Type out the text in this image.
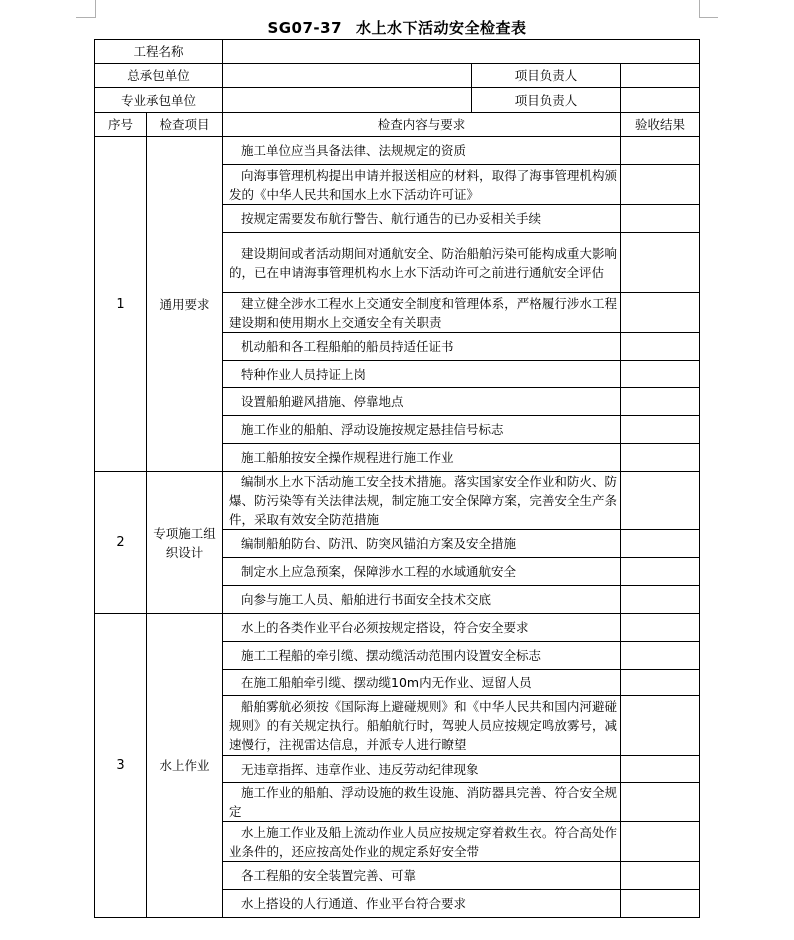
SG07-37 水上水下活动安全检查表
工程名称				
总承包单位			项目负责人	
专业承包单位			项目负责人	
序号	检查项目	检查内容与要求		验收结果
1	通用要求	施工单位应当具备法律、法规规定的资质		

		向海事管理机构提出申请并报送相应的材料，取得了海事管理机构颁发的《中华人民共和国水上水下活动许可证》		

		按规定需要发布航行警告、航行通告的已办妥相关手续		

		建设期间或者活动期间对通航安全、防治船舶污染可能构成重大影响的，已在申请海事管理机构水上水下活动许可之前进行通航安全评估		

		建立健全涉水工程水上交通安全制度和管理体系，严格履行涉水工程建设期和使用期水上交通安全有关职责		

		机动船和各工程船舶的船员持适任证书		

		特种作业人员持证上岗		

		设置船舶避风措施、停靠地点		

		施工作业的船舶、浮动设施按规定悬挂信号标志		

		施工船舶按安全操作规程进行施工作业		

2	专项施工组织设计	编制水上水下活动施工安全技术措施。落实国家安全作业和防火、防爆、防污染等有关法律法规，制定施工安全保障方案，完善安全生产条件，采取有效安全防范措施		

		编制船舶防台、防汛、防突风锚泊方案及安全措施		

		制定水上应急预案，保障涉水工程的水域通航安全		

		向参与施工人员、船舶进行书面安全技术交底		

3	水上作业	水上的各类作业平台必须按规定搭设，符合安全要求		

		施工工程船的牵引缆、摆动缆活动范围内设置安全标志		

		在施工船舶牵引缆、摆动缆10m内无作业、逗留人员		

		船舶雾航必须按《国际海上避碰规则》和《中华人民共和国内河避碰规则》的有关规定执行。船舶航行时，驾驶人员应按规定鸣放雾号，减速慢行，注视雷达信息，并派专人进行瞭望		

		无违章指挥、违章作业、违反劳动纪律现象		

		施工作业的船舶、浮动设施的救生设施、消防器具完善、符合安全规定		

		水上施工作业及船上流动作业人员应按规定穿着救生衣。符合高处作业条件的，还应按高处作业的规定系好安全带		

		各工程船的安全装置完善、可靠		

		水上搭设的人行通道、作业平台符合要求		
